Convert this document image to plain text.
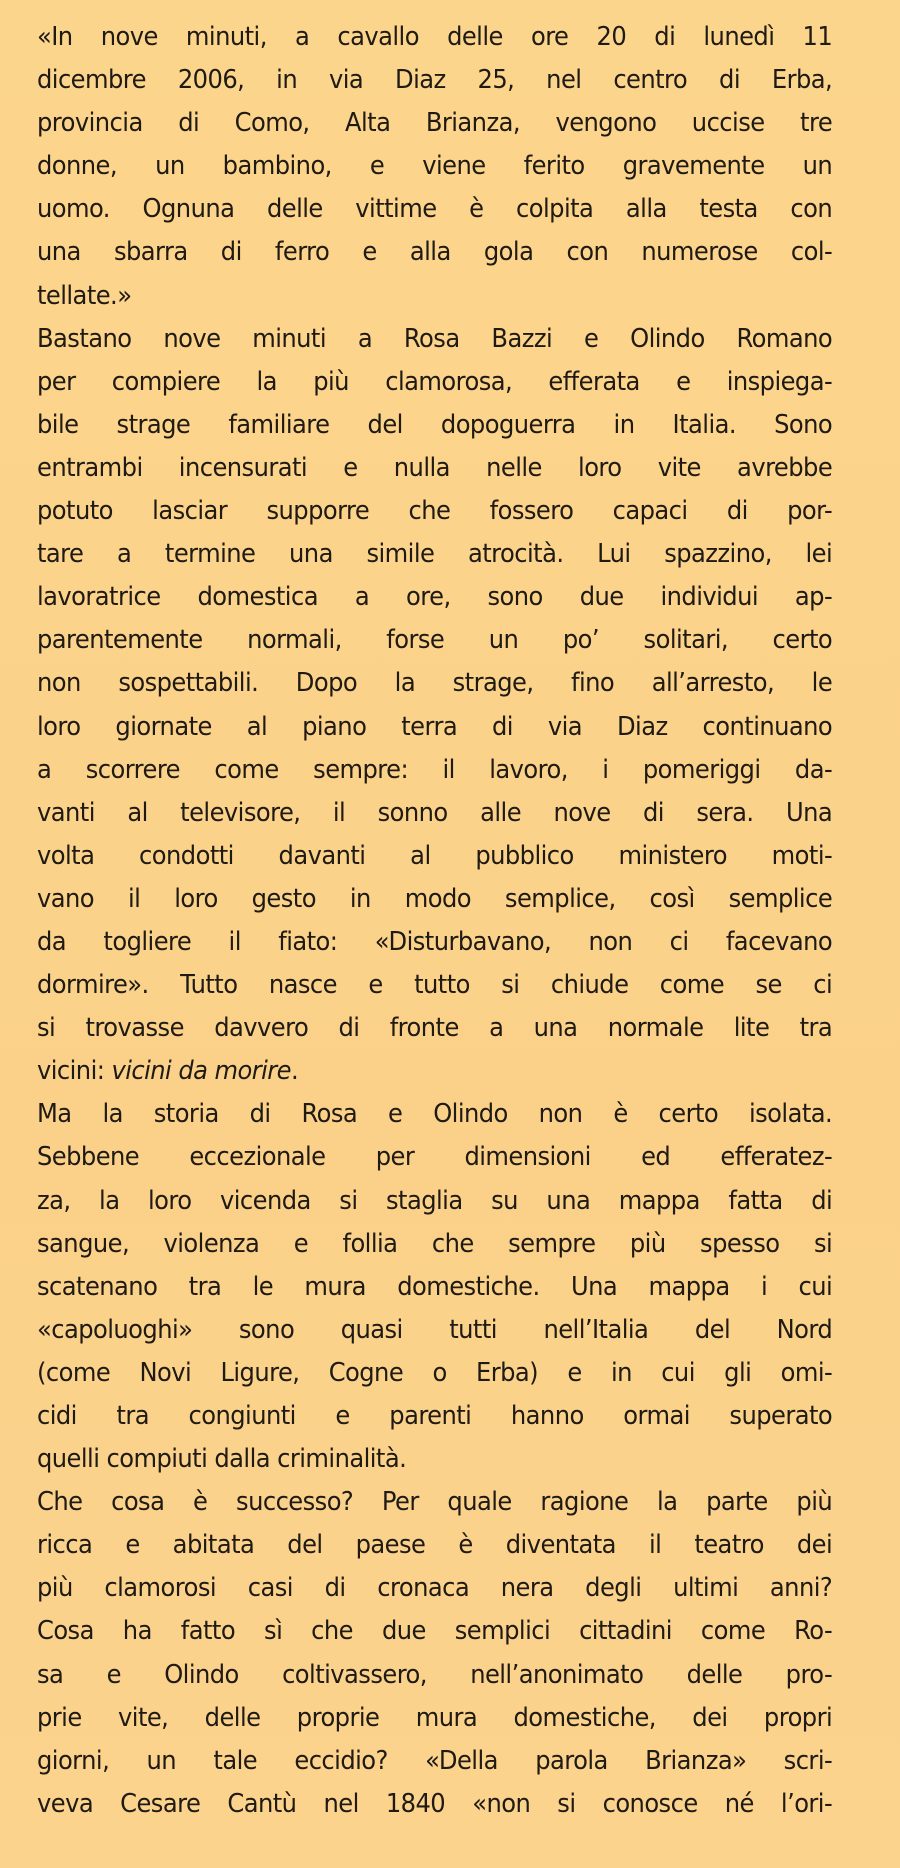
«In nove minuti, a cavallo delle ore 20 di lunedì 11
dicembre 2006, in via Diaz 25, nel centro di Erba,
provincia di Como, Alta Brianza, vengono uccise tre
donne, un bambino, e viene ferito gravemente un
uomo. Ognuna delle vittime è colpita alla testa con
una sbarra di ferro e alla gola con numerose col-
tellate.»
Bastano nove minuti a Rosa Bazzi e Olindo Romano
per compiere la più clamorosa, efferata e inspiega-
bile strage familiare del dopoguerra in Italia. Sono
entrambi incensurati e nulla nelle loro vite avrebbe
potuto lasciar supporre che fossero capaci di por-
tare a termine una simile atrocità. Lui spazzino, lei
lavoratrice domestica a ore, sono due individui ap-
parentemente normali, forse un po’ solitari, certo
non sospettabili. Dopo la strage, fino all’arresto, le
loro giornate al piano terra di via Diaz continuano
a scorrere come sempre: il lavoro, i pomeriggi da-
vanti al televisore, il sonno alle nove di sera. Una
volta condotti davanti al pubblico ministero moti-
vano il loro gesto in modo semplice, così semplice
da togliere il fiato: «Disturbavano, non ci facevano
dormire». Tutto nasce e tutto si chiude come se ci
si trovasse davvero di fronte a una normale lite tra
vicini: vicini da morire.
Ma la storia di Rosa e Olindo non è certo isolata.
Sebbene eccezionale per dimensioni ed efferatez-
za, la loro vicenda si staglia su una mappa fatta di
sangue, violenza e follia che sempre più spesso si
scatenano tra le mura domestiche. Una mappa i cui
«capoluoghi» sono quasi tutti nell’Italia del Nord
(come Novi Ligure, Cogne o Erba) e in cui gli omi-
cidi tra congiunti e parenti hanno ormai superato
quelli compiuti dalla criminalità.
Che cosa è successo? Per quale ragione la parte più
ricca e abitata del paese è diventata il teatro dei
più clamorosi casi di cronaca nera degli ultimi anni?
Cosa ha fatto sì che due semplici cittadini come Ro-
sa e Olindo coltivassero, nell’anonimato delle pro-
prie vite, delle proprie mura domestiche, dei propri
giorni, un tale eccidio? «Della parola Brianza» scri-
veva Cesare Cantù nel 1840 «non si conosce né l’ori-
